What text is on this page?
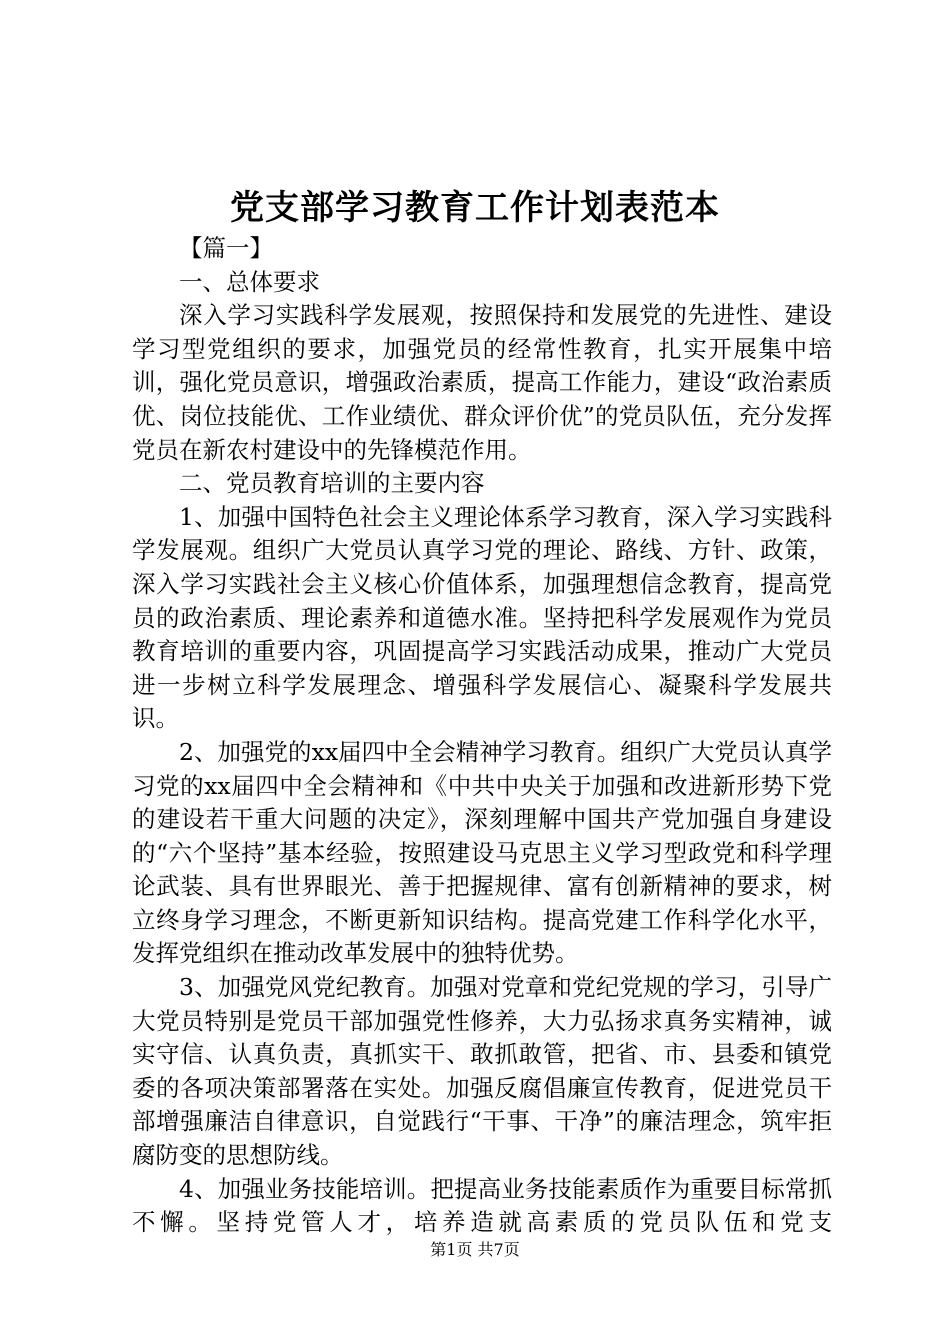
党支部学习教育工作计划表范本

【篇一】

一、总体要求

深入学习实践科学发展观，按照保持和发展党的先进性、建设学习型党组织的要求，加强党员的经常性教育，扎实开展集中培训，强化党员意识，增强政治素质，提高工作能力，建设“政治素质优、岗位技能优、工作业绩优、群众评价优”的党员队伍，充分发挥党员在新农村建设中的先锋模范作用。

二、党员教育培训的主要内容

1、加强中国特色社会主义理论体系学习教育，深入学习实践科学发展观。组织广大党员认真学习党的理论、路线、方针、政策，深入学习实践社会主义核心价值体系，加强理想信念教育，提高党员的政治素质、理论素养和道德水准。坚持把科学发展观作为党员教育培训的重要内容，巩固提高学习实践活动成果，推动广大党员进一步树立科学发展理念、增强科学发展信心、凝聚科学发展共识。

2、加强党的xx届四中全会精神学习教育。组织广大党员认真学习党的xx届四中全会精神和《中共中央关于加强和改进新形势下党的建设若干重大问题的决定》，深刻理解中国共产党加强自身建设的“六个坚持”基本经验，按照建设马克思主义学习型政党和科学理论武装、具有世界眼光、善于把握规律、富有创新精神的要求，树立终身学习理念，不断更新知识结构。提高党建工作科学化水平，发挥党组织在推动改革发展中的独特优势。

3、加强党风党纪教育。加强对党章和党纪党规的学习，引导广大党员特别是党员干部加强党性修养，大力弘扬求真务实精神，诚实守信、认真负责，真抓实干、敢抓敢管，把省、市、县委和镇党委的各项决策部署落在实处。加强反腐倡廉宣传教育，促进党员干部增强廉洁自律意识，自觉践行“干事、干净”的廉洁理念，筑牢拒腐防变的思想防线。

4、加强业务技能培训。把提高业务技能素质作为重要目标常抓不懈。坚持党管人才，培养造就高素质的党员队伍和党支

第1页 共7页
